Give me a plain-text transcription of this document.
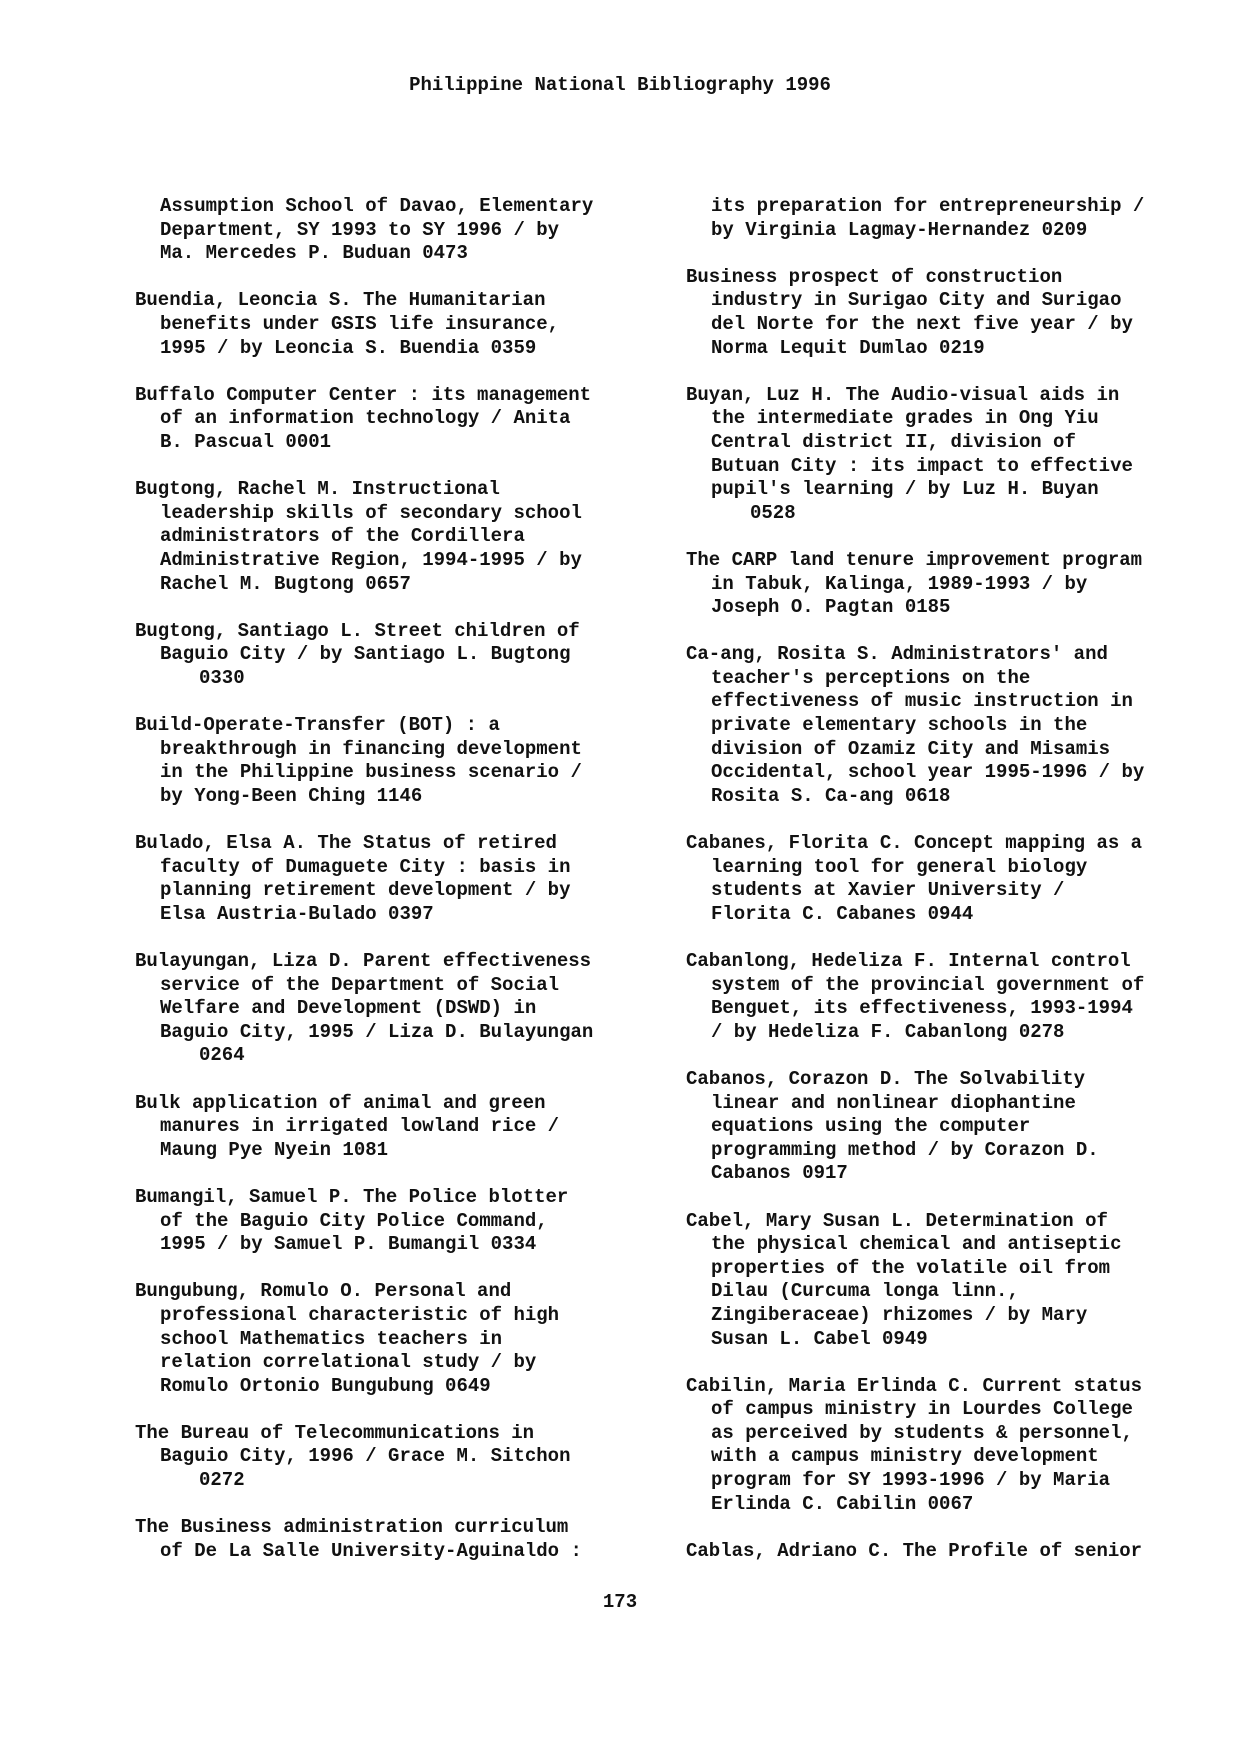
Philippine National Bibliography 1996
Assumption School of Davao, Elementary
Department, SY 1993 to SY 1996 / by
Ma. Mercedes P. Buduan 0473
Buendia, Leoncia S. The Humanitarian
benefits under GSIS life insurance,
1995 / by Leoncia S. Buendia 0359
Buffalo Computer Center : its management
of an information technology / Anita
B. Pascual 0001
Bugtong, Rachel M. Instructional
leadership skills of secondary school
administrators of the Cordillera
Administrative Region, 1994-1995 / by
Rachel M. Bugtong 0657
Bugtong, Santiago L. Street children of
Baguio City / by Santiago L. Bugtong
0330
Build-Operate-Transfer (BOT) : a
breakthrough in financing development
in the Philippine business scenario /
by Yong-Been Ching 1146
Bulado, Elsa A. The Status of retired
faculty of Dumaguete City : basis in
planning retirement development / by
Elsa Austria-Bulado 0397
Bulayungan, Liza D. Parent effectiveness
service of the Department of Social
Welfare and Development (DSWD) in
Baguio City, 1995 / Liza D. Bulayungan
0264
Bulk application of animal and green
manures in irrigated lowland rice /
Maung Pye Nyein 1081
Bumangil, Samuel P. The Police blotter
of the Baguio City Police Command,
1995 / by Samuel P. Bumangil 0334
Bungubung, Romulo O. Personal and
professional characteristic of high
school Mathematics teachers in
relation correlational study / by
Romulo Ortonio Bungubung 0649
The Bureau of Telecommunications in
Baguio City, 1996 / Grace M. Sitchon
0272
The Business administration curriculum
of De La Salle University-Aguinaldo :
its preparation for entrepreneurship /
by Virginia Lagmay-Hernandez 0209
Business prospect of construction
industry in Surigao City and Surigao
del Norte for the next five year / by
Norma Lequit Dumlao 0219
Buyan, Luz H. The Audio-visual aids in
the intermediate grades in Ong Yiu
Central district II, division of
Butuan City : its impact to effective
pupil's learning / by Luz H. Buyan
0528
The CARP land tenure improvement program
in Tabuk, Kalinga, 1989-1993 / by
Joseph O. Pagtan 0185
Ca-ang, Rosita S. Administrators' and
teacher's perceptions on the
effectiveness of music instruction in
private elementary schools in the
division of Ozamiz City and Misamis
Occidental, school year 1995-1996 / by
Rosita S. Ca-ang 0618
Cabanes, Florita C. Concept mapping as a
learning tool for general biology
students at Xavier University /
Florita C. Cabanes 0944
Cabanlong, Hedeliza F. Internal control
system of the provincial government of
Benguet, its effectiveness, 1993-1994
/ by Hedeliza F. Cabanlong 0278
Cabanos, Corazon D. The Solvability
linear and nonlinear diophantine
equations using the computer
programming method / by Corazon D.
Cabanos 0917
Cabel, Mary Susan L. Determination of
the physical chemical and antiseptic
properties of the volatile oil from
Dilau (Curcuma longa linn.,
Zingiberaceae) rhizomes / by Mary
Susan L. Cabel 0949
Cabilin, Maria Erlinda C. Current status
of campus ministry in Lourdes College
as perceived by students & personnel,
with a campus ministry development
program for SY 1993-1996 / by Maria
Erlinda C. Cabilin 0067
Cablas, Adriano C. The Profile of senior
173
